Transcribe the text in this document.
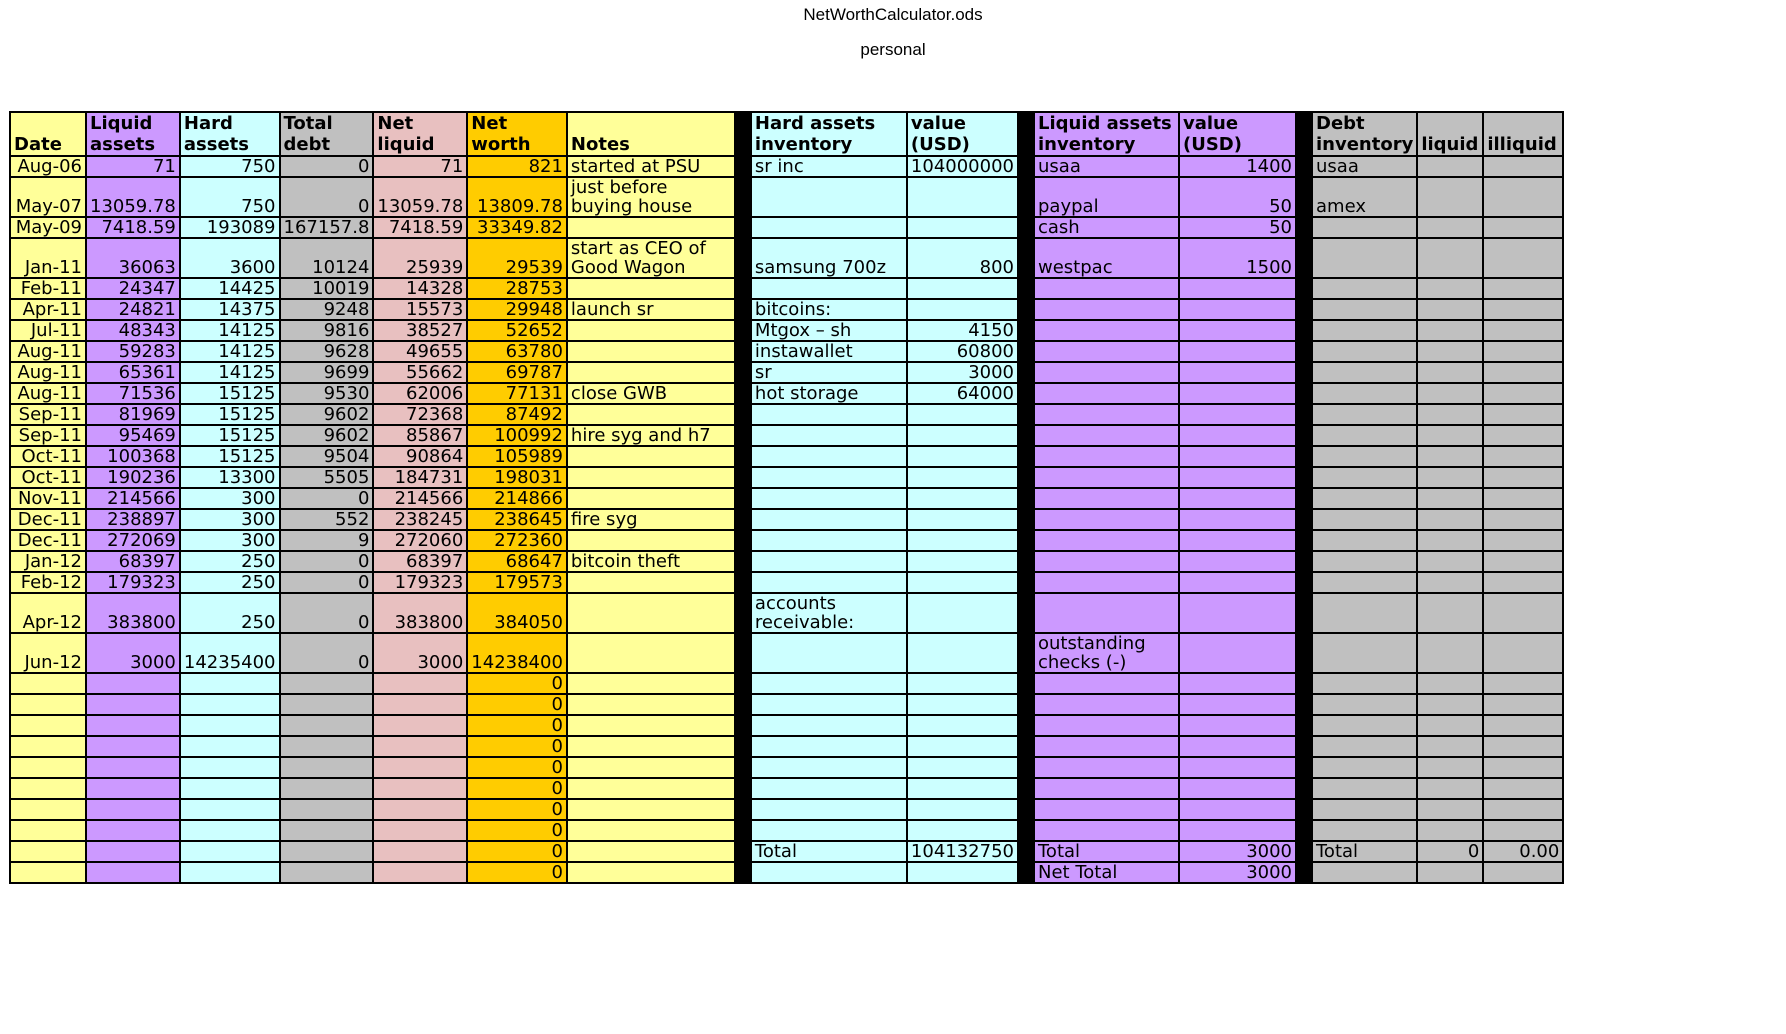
NetWorthCalculator.ods
personal
Date	Liquid assets	Hard assets	Total debt	Net liquid	Net worth	Notes		Hard assets inventory	value (USD)		Liquid assets inventory	value (USD)		Debt inventory	liquid	illiquid
Aug-06	71	750	0	71	821	started at PSU		sr inc	104000000		usaa	1400		usaa		
May-07	13059.78	750	0	13059.78	13809.78	just before buying house					paypal	50		amex		
May-09	7418.59	193089	167157.8	7418.59	33349.82						cash	50				
Jan-11	36063	3600	10124	25939	29539	start as CEO of Good Wagon		samsung 700z	800		westpac	1500				
Feb-11	24347	14425	10019	14328	28753											
Apr-11	24821	14375	9248	15573	29948	launch sr		bitcoins:								
Jul-11	48343	14125	9816	38527	52652			Mtgox – sh	4150							
Aug-11	59283	14125	9628	49655	63780			instawallet	60800							
Aug-11	65361	14125	9699	55662	69787			sr	3000							
Aug-11	71536	15125	9530	62006	77131	close GWB		hot storage	64000							
Sep-11	81969	15125	9602	72368	87492											
Sep-11	95469	15125	9602	85867	100992	hire syg and h7										
Oct-11	100368	15125	9504	90864	105989											
Oct-11	190236	13300	5505	184731	198031											
Nov-11	214566	300	0	214566	214866											
Dec-11	238897	300	552	238245	238645	fire syg										
Dec-11	272069	300	9	272060	272360											
Jan-12	68397	250	0	68397	68647	bitcoin theft										
Feb-12	179323	250	0	179323	179573											
Apr-12	383800	250	0	383800	384050			accounts receivable:								
Jun-12	3000	14235400	0	3000	14238400						outstanding checks (-)					
					0											
					0											
					0											
					0											
					0											
					0											
					0											
					0											
					0			Total	104132750		Total	3000		Total	0	0.00
					0						Net Total	3000				
